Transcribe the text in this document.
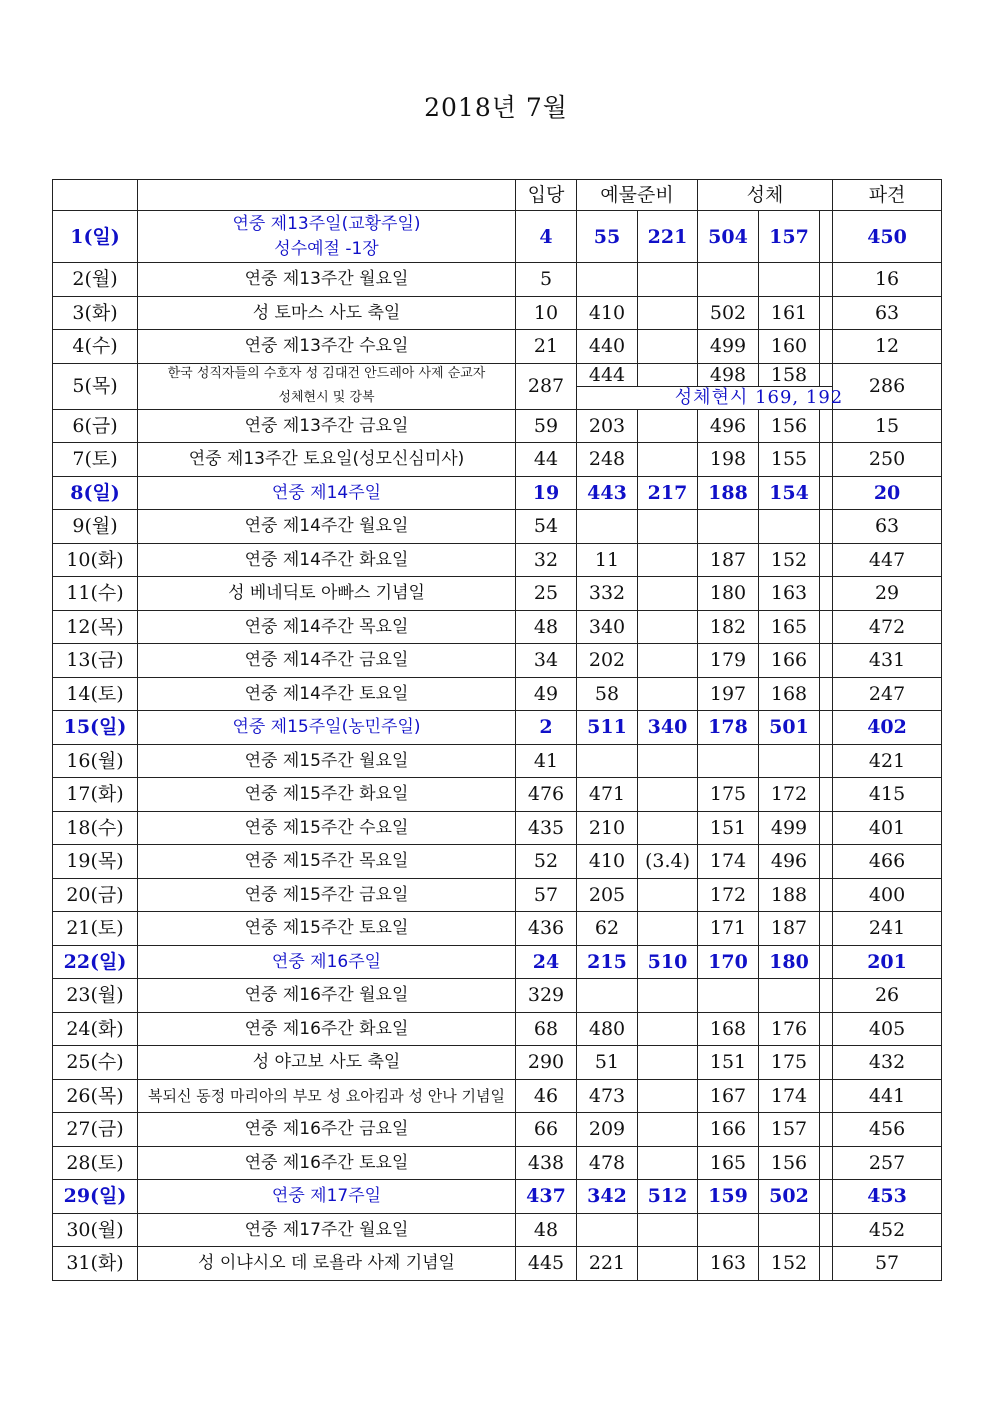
2018년 7월
		입당	예물준비		성체			파견
1(일)	연중 제13주일(교황주일)
성수예절 -1장	4	55	221	504	157		450
2(월)	연중 제13주간 월요일	5						16
3(화)	성 토마스 사도 축일	10	410		502	161		63
4(수)	연중 제13주간 수요일	21	440		499	160		12
5(목)	한국 성직자들의 수호자 성 김대건 안드레아 사제 순교자
성체현시 및 강복	287	444		498	158		286
			성체현시 169, 192					
6(금)	연중 제13주간 금요일	59	203		496	156		15
7(토)	연중 제13주간 토요일(성모신심미사)	44	248		198	155		250
8(일)	연중 제14주일	19	443	217	188	154		20
9(월)	연중 제14주간 월요일	54						63
10(화)	연중 제14주간 화요일	32	11		187	152		447
11(수)	성 베네딕토 아빠스 기념일	25	332		180	163		29
12(목)	연중 제14주간 목요일	48	340		182	165		472
13(금)	연중 제14주간 금요일	34	202		179	166		431
14(토)	연중 제14주간 토요일	49	58		197	168		247
15(일)	연중 제15주일(농민주일)	2	511	340	178	501		402
16(월)	연중 제15주간 월요일	41						421
17(화)	연중 제15주간 화요일	476	471		175	172		415
18(수)	연중 제15주간 수요일	435	210		151	499		401
19(목)	연중 제15주간 목요일	52	410	(3.4)	174	496		466
20(금)	연중 제15주간 금요일	57	205		172	188		400
21(토)	연중 제15주간 토요일	436	62		171	187		241
22(일)	연중 제16주일	24	215	510	170	180		201
23(월)	연중 제16주간 월요일	329						26
24(화)	연중 제16주간 화요일	68	480		168	176		405
25(수)	성 야고보 사도 축일	290	51		151	175		432
26(목)	복되신 동정 마리아의 부모 성 요아킴과 성 안나 기념일	46	473		167	174		441
27(금)	연중 제16주간 금요일	66	209		166	157		456
28(토)	연중 제16주간 토요일	438	478		165	156		257
29(일)	연중 제17주일	437	342	512	159	502		453
30(월)	연중 제17주간 월요일	48						452
31(화)	성 이냐시오 데 로욜라 사제 기념일	445	221		163	152		57
